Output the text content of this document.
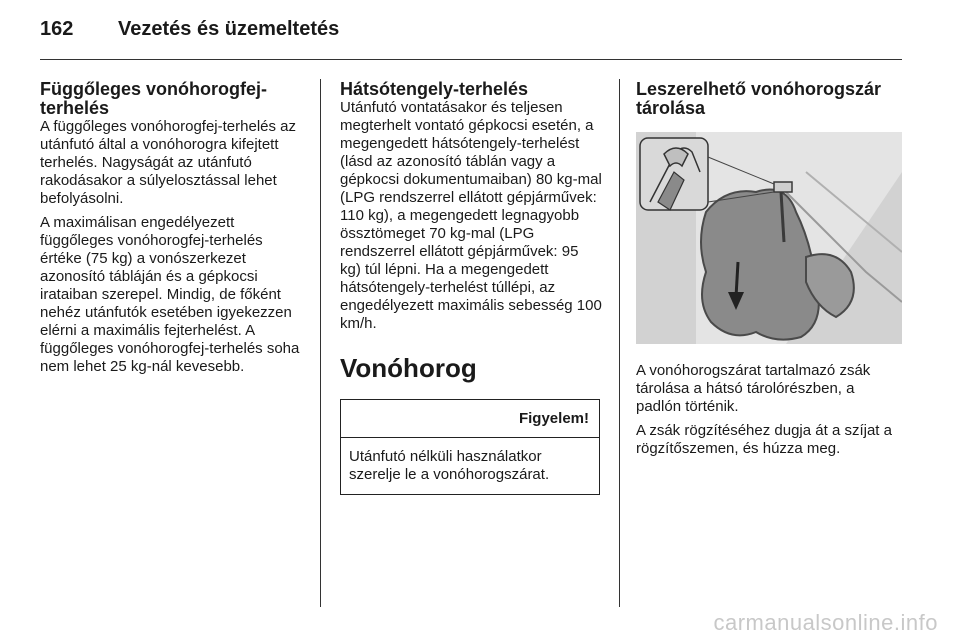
162	Vezetés és üzemeltetés
Függőleges vonóhorogfej-terhelés

A függőleges vonóhorogfej-terhelés az utánfutó által a vonóhorogra kifejtett terhelés. Nagyságát az utánfutó rakodásakor a súlyelosztással lehet befolyásolni.

A maximálisan engedélyezett függőleges vonóhorogfej-terhelés értéke (75 kg) a vonószerkezet azonosító tábláján és a gépkocsi irataiban szerepel. Mindig, de főként nehéz utánfutók esetében igyekezzen elérni a maximális fejterhelést. A függőleges vonóhorogfej-terhelés soha nem lehet 25 kg-nál kevesebb.

Hátsótengely-terhelés

Utánfutó vontatásakor és teljesen megterhelt vontató gépkocsi esetén, a megengedett hátsótengely-terhelést (lásd az azonosító táblán vagy a gépkocsi dokumentumaiban) 80 kg-mal (LPG rendszerrel ellátott gépjárművek: 110 kg), a megengedett legnagyobb össztömeget 70 kg-mal (LPG rendszerrel ellátott gépjárművek: 95 kg) túl lépni. Ha a megengedett hátsótengely-terhelést túllépi, az engedélyezett maximális sebesség 100 km/h.

Vonóhorog
Figyelem!
Utánfutó nélküli használatkor szerelje le a vonóhorogszárat.
Leszerelhető vonóhorogszár tárolása

A vonóhorogszárat tartalmazó zsák tárolása a hátsó tárolórészben, a padlón történik.

A zsák rögzítéséhez dugja át a szíjat a rögzítőszemen, és húzza meg.

carmanualsonline.info
